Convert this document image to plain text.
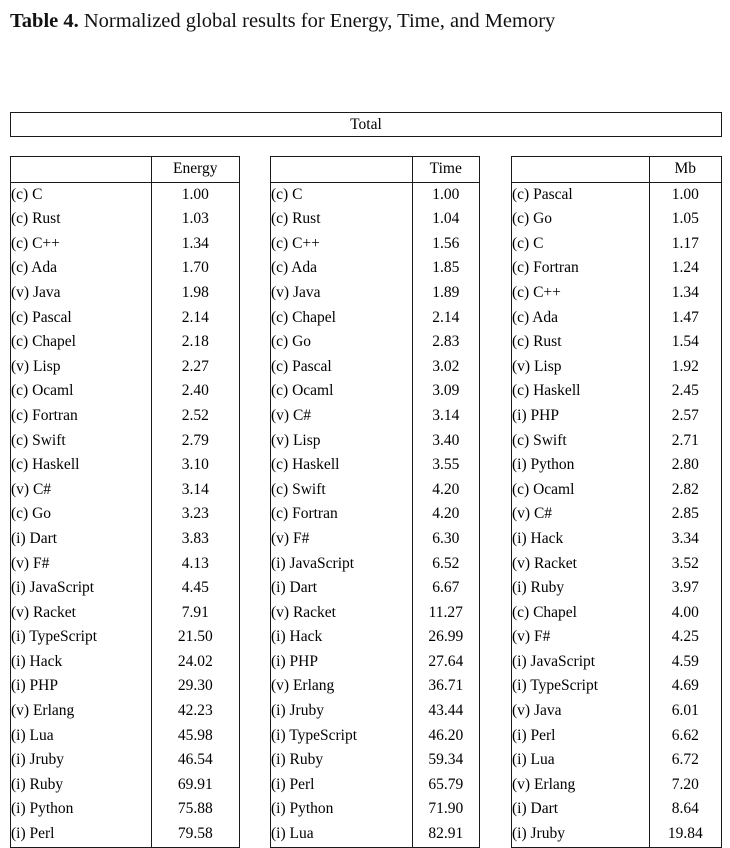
Table 4. Normalized global results for Energy, Time, and Memory
Total
	Energy
(c) C	1.00
(c) Rust	1.03
(c) C++	1.34
(c) Ada	1.70
(v) Java	1.98
(c) Pascal	2.14
(c) Chapel	2.18
(v) Lisp	2.27
(c) Ocaml	2.40
(c) Fortran	2.52
(c) Swift	2.79
(c) Haskell	3.10
(v) C#	3.14
(c) Go	3.23
(i) Dart	3.83
(v) F#	4.13
(i) JavaScript	4.45
(v) Racket	7.91
(i) TypeScript	21.50
(i) Hack	24.02
(i) PHP	29.30
(v) Erlang	42.23
(i) Lua	45.98
(i) Jruby	46.54
(i) Ruby	69.91
(i) Python	75.88
(i) Perl	79.58
	Time
(c) C	1.00
(c) Rust	1.04
(c) C++	1.56
(c) Ada	1.85
(v) Java	1.89
(c) Chapel	2.14
(c) Go	2.83
(c) Pascal	3.02
(c) Ocaml	3.09
(v) C#	3.14
(v) Lisp	3.40
(c) Haskell	3.55
(c) Swift	4.20
(c) Fortran	4.20
(v) F#	6.30
(i) JavaScript	6.52
(i) Dart	6.67
(v) Racket	11.27
(i) Hack	26.99
(i) PHP	27.64
(v) Erlang	36.71
(i) Jruby	43.44
(i) TypeScript	46.20
(i) Ruby	59.34
(i) Perl	65.79
(i) Python	71.90
(i) Lua	82.91
	Mb
(c) Pascal	1.00
(c) Go	1.05
(c) C	1.17
(c) Fortran	1.24
(c) C++	1.34
(c) Ada	1.47
(c) Rust	1.54
(v) Lisp	1.92
(c) Haskell	2.45
(i) PHP	2.57
(c) Swift	2.71
(i) Python	2.80
(c) Ocaml	2.82
(v) C#	2.85
(i) Hack	3.34
(v) Racket	3.52
(i) Ruby	3.97
(c) Chapel	4.00
(v) F#	4.25
(i) JavaScript	4.59
(i) TypeScript	4.69
(v) Java	6.01
(i) Perl	6.62
(i) Lua	6.72
(v) Erlang	7.20
(i) Dart	8.64
(i) Jruby	19.84
